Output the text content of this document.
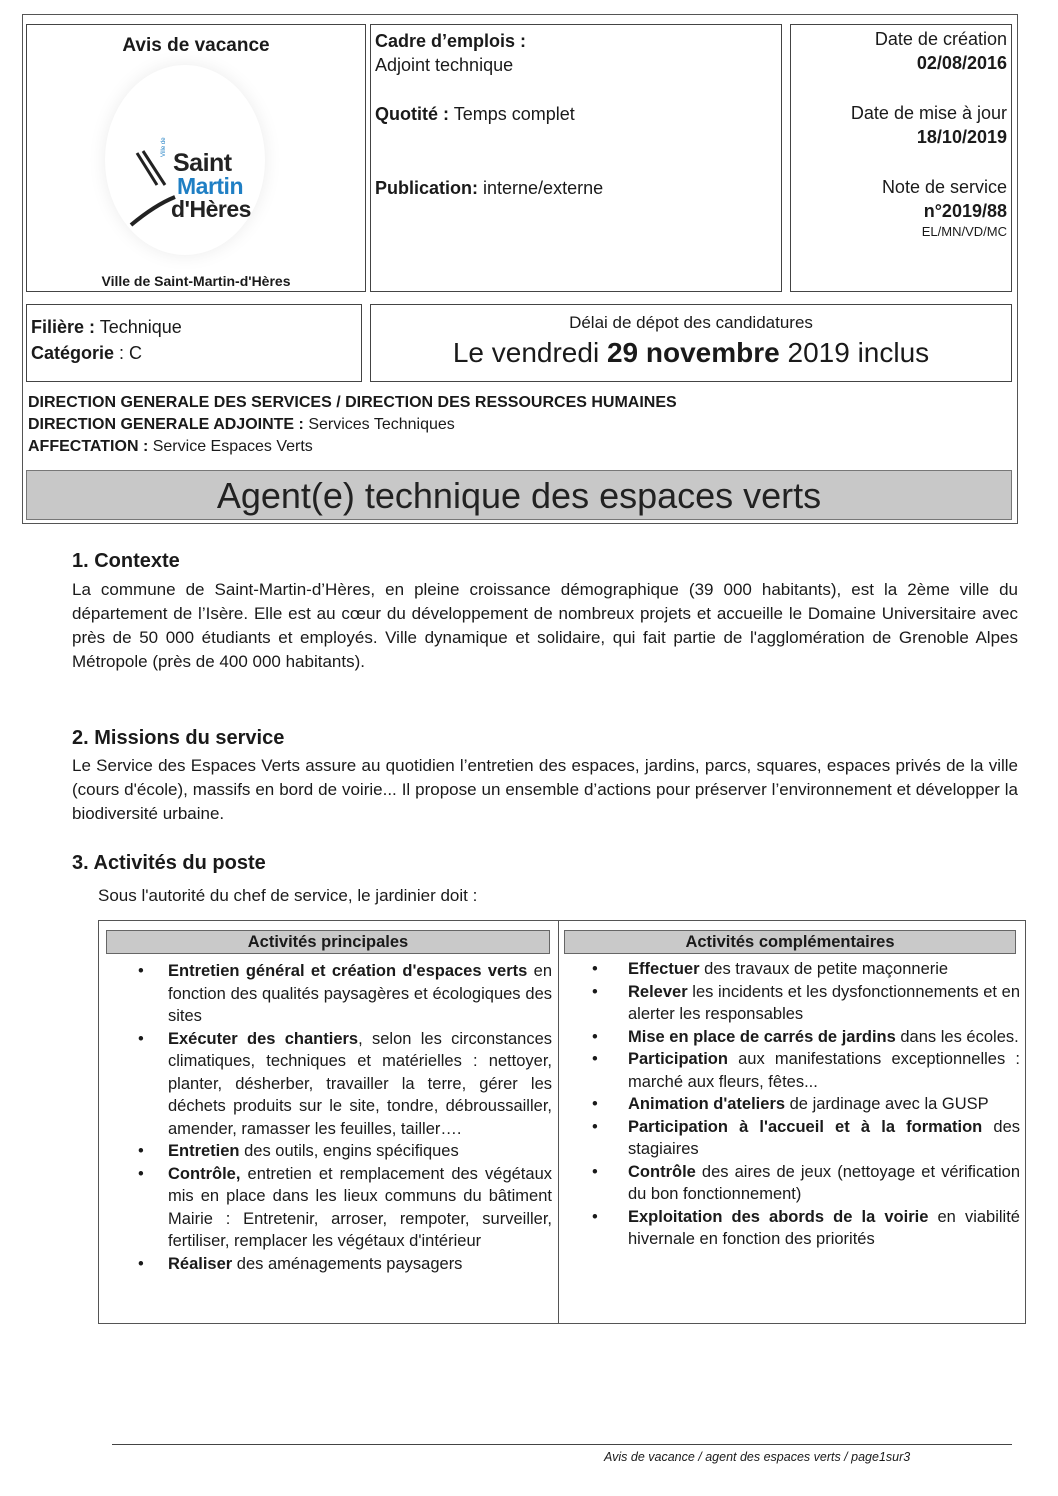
Avis de vacance
Ville de
Saint
Martin
d'Hères
Ville de Saint-Martin-d'Hères
Cadre d’emplois :
Adjoint technique
Quotité : Temps complet
Publication: interne/externe
Date de création
02/08/2016
Date de mise à jour
18/10/2019
Note de service
n°2019/88
EL/MN/VD/MC
Filière : Technique
Catégorie : C
Délai de dépot des candidatures
Le vendredi 29 novembre 2019 inclus
DIRECTION GENERALE DES SERVICES / DIRECTION DES RESSOURCES HUMAINES
DIRECTION GENERALE ADJOINTE : Services Techniques
AFFECTATION : Service Espaces Verts
Agent(e) technique des espaces verts
1. Contexte
La commune de Saint-Martin-d’Hères, en pleine croissance démographique (39 000 habitants), est la 2ème ville du département de l’Isère. Elle est au cœur du développement de nombreux projets et accueille le Domaine Universitaire avec près de 50 000 étudiants et employés. Ville dynamique et solidaire, qui fait partie de l'agglomération de Grenoble Alpes Métropole (près de 400 000 habitants).
2. Missions du service
Le Service des Espaces Verts assure au quotidien l’entretien des espaces, jardins, parcs, squares, espaces privés de la ville (cours d'école), massifs en bord de voirie... Il propose un ensemble d’actions pour préserver l’environnement et développer la biodiversité urbaine.
3. Activités du poste
Sous l'autorité du chef de service, le jardinier doit :
Activités principales	Activités complémentaires
• Entretien général et création d'espaces verts en fonction des qualités paysagères et écologiques des sites
• Exécuter des chantiers, selon les circonstances climatiques, techniques et matérielles : nettoyer, planter, désherber, travailler la terre, gérer les déchets produits sur le site, tondre, débroussailler, amender, ramasser les feuilles, tailler….
• Entretien des outils, engins spécifiques
• Contrôle, entretien et remplacement des végétaux mis en place dans les lieux communs du bâtiment Mairie : Entretenir, arroser, rempoter, surveiller, fertiliser, remplacer les végétaux d'intérieur
• Réaliser des aménagements paysagers
• Effectuer des travaux de petite maçonnerie
• Relever les incidents et les dysfonctionnements et en alerter les responsables
• Mise en place de carrés de jardins dans les écoles.
• Participation aux manifestations exceptionnelles : marché aux fleurs, fêtes...
• Animation d'ateliers de jardinage avec la GUSP
• Participation à l'accueil et à la formation des stagiaires
• Contrôle des aires de jeux (nettoyage et vérification du bon fonctionnement)
• Exploitation des abords de la voirie en viabilité hivernale en fonction des priorités
Avis de vacance / agent des espaces verts / page1sur3
